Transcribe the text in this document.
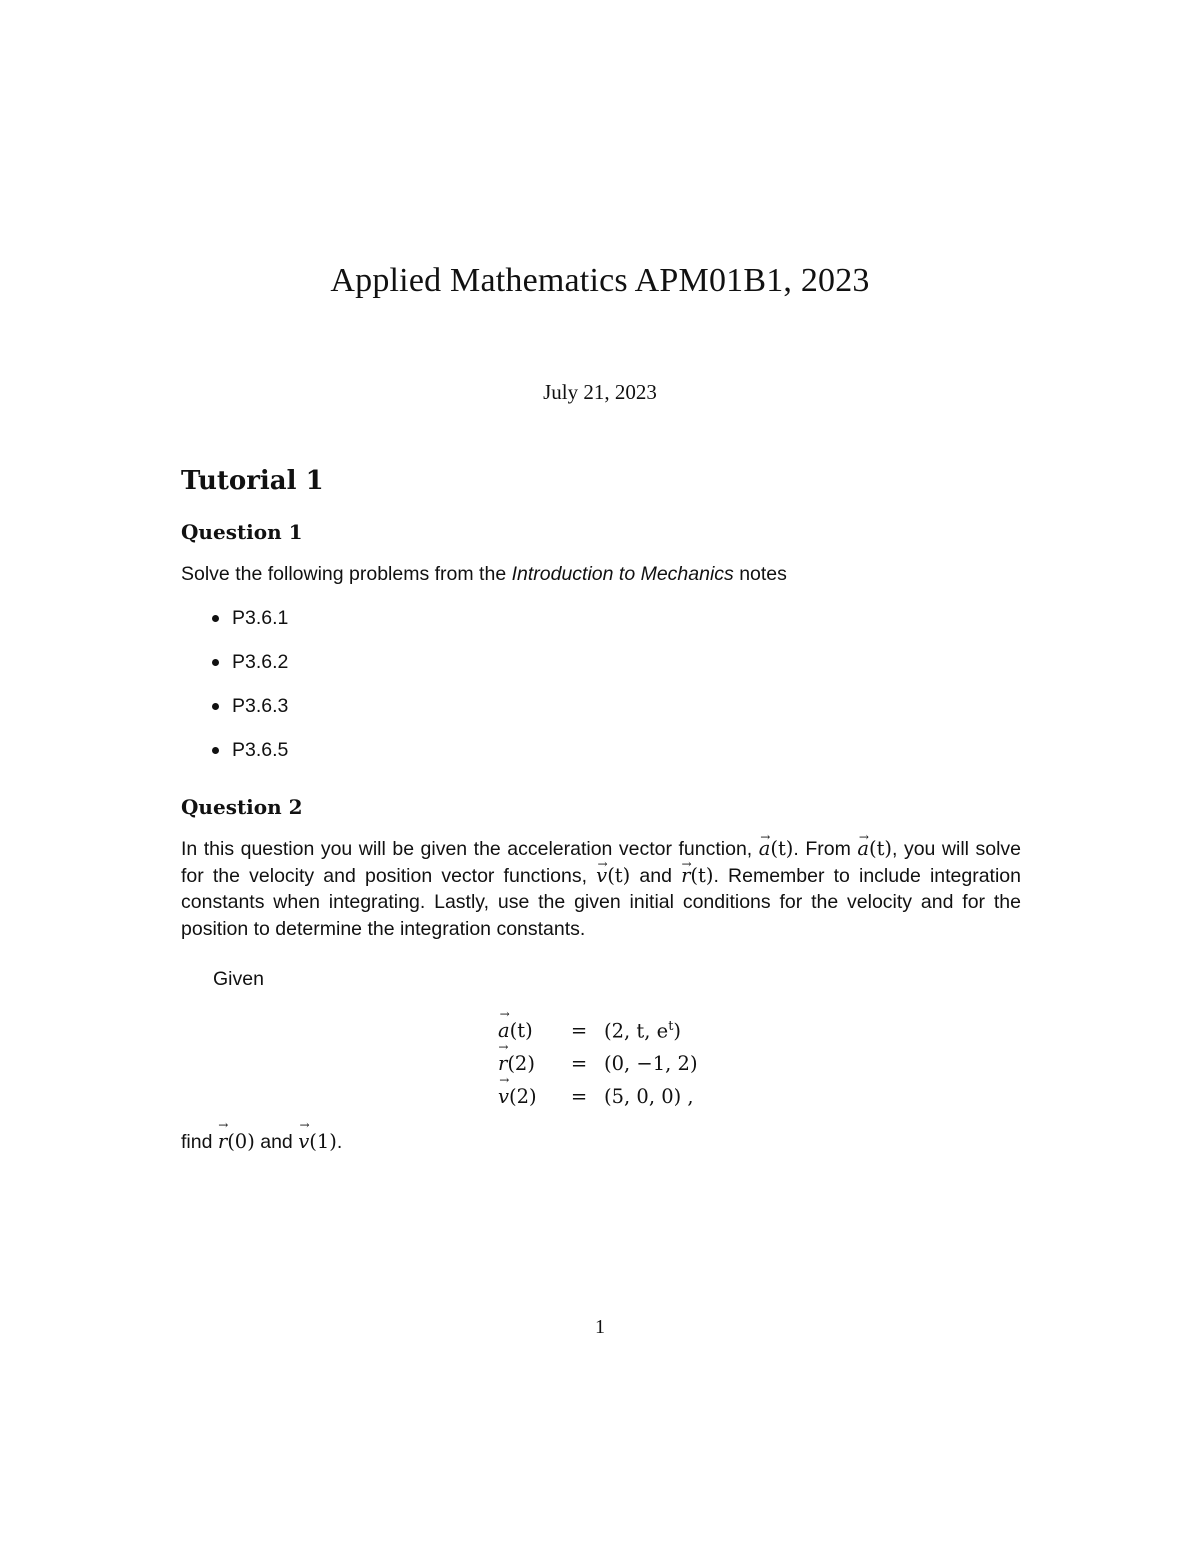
Applied Mathematics APM01B1, 2023
July 21, 2023
Tutorial 1
Question 1
Solve the following problems from the Introduction to Mechanics notes
P3.6.1
P3.6.2
P3.6.3
P3.6.5
Question 2

In this question you will be given the acceleration vector function, → a(t). From → a(t), you will solve for the velocity and position vector functions, → v(t) and → r(t). Remember to include integration constants when integrating. Lastly, use the given initial conditions for the velocity and for the position to determine the integration constants.

Given
→ a(t)	= (2, t, $e^t$)
→ r(2)	= (0, −1, 2)
→ v(2)	= (5, 0, 0) ,
find → r(0) and → v(1).
1
